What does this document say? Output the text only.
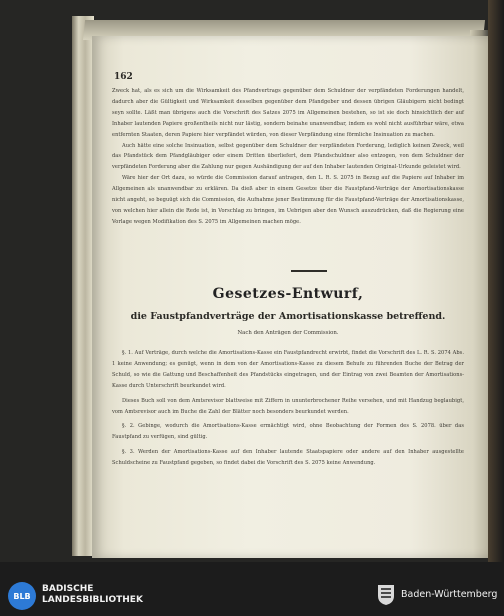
162

Zweck hat, als es sich um die Wirksamkeit des Pfandvertrags gegenüber dem Schuldner der verpfändeten Forderungen handelt, dadurch aber die Gültigkeit und Wirksamkeit desselben gegenüber dem Pfandgeber und dessen übrigen Gläubigern nicht bedingt seyn sollte. Läßt man übrigens auch die Vorschrift des Satzes 2075 im Allgemeinen bestehen, so ist sie doch hinsichtlich der auf Inhaber lautenden Papiere großentheils nicht nur lästig, sondern beinahe unanwendbar, indem es wohl nicht ausführbar wäre, etwa entfernten Staaten, deren Papiere hier verpfändet würden, von dieser Verpfändung eine förmliche Insinuation zu machen.

Auch hätte eine solche Insinuation, selbst gegenüber dem Schuldner der verpfändeten Forderung, lediglich keinen Zweck, weil das Pfandstück dem Pfandgläubiger oder einem Dritten überliefert, dem Pfandschuldner also entzogen, von dem Schuldner der verpfändeten Forderung aber die Zahlung nur gegen Aushändigung der auf den Inhaber lautenden Original-Urkunde geleistet wird.

Wäre hier der Ort dazu, so würde die Commission darauf antragen, den L. R. S. 2075 in Bezug auf die Papiere auf Inhaber im Allgemeinen als unanwendbar zu erklären. Da dieß aber in einem Gesetze über die Faustpfand-Verträge der Amortisationskasse nicht angeht, so beguügt sich die Commission, die Aufnahme jener Bestimmung für die Faustpfand-Verträge der Amortisationskasse, von welchen hier allein die Rede ist, in Vorschlag zu bringen, im Uebrigen aber den Wunsch auszudrücken, daß die Regierung eine Vorlage wegen Modifikation des S. 2075 im Allgemeinen machen möge.

Gesetzes-Entwurf,
die Faustpfandverträge der Amortisationskasse betreffend.
Nach den Anträgen der Commission.

§. 1. Auf Verträge, durch welche die Amortisations-Kasse ein Faustpfandrecht erwirbt, findet die Vorschrift des L. R. S. 2074 Abs. 1 keine Anwendung; es genügt, wenn in dem von der Amortisations-Kasse zu diesem Behufe zu führenden Buche der Betrag der Schuld, so wie die Gattung und Beschaffenheit des Pfandstücks eingetragen, und der Eintrag von zwei Beamten der Amortisations-Kasse durch Unterschrift beurkundet wird.

Dieses Buch soll von dem Amtsrevisor blattweise mit Ziffern in ununterbrochener Reihe versehen, und mit Handzug beglaubigt, vom Amtsrevisor auch im Buche die Zahl der Blätter noch besonders beurkundet werden.

§. 2. Gebinge, wodurch die Amortisations-Kasse ermächtigt wird, ohne Beobachtung der Formen des S. 2078. über das Faustpfand zu verfügen, sind gültig.

§. 3. Werden der Amortisations-Kasse auf den Inhaber lautende Staatspapiere oder andere auf den Inhaber ausgestellte Schuldscheine zu Faustpfand gegeben, so findet dabei die Vorschrift des S. 2075 keine Anwendung.

BLB
BADISCHE
LANDESBIBLIOTHEK	Baden-Württemberg
